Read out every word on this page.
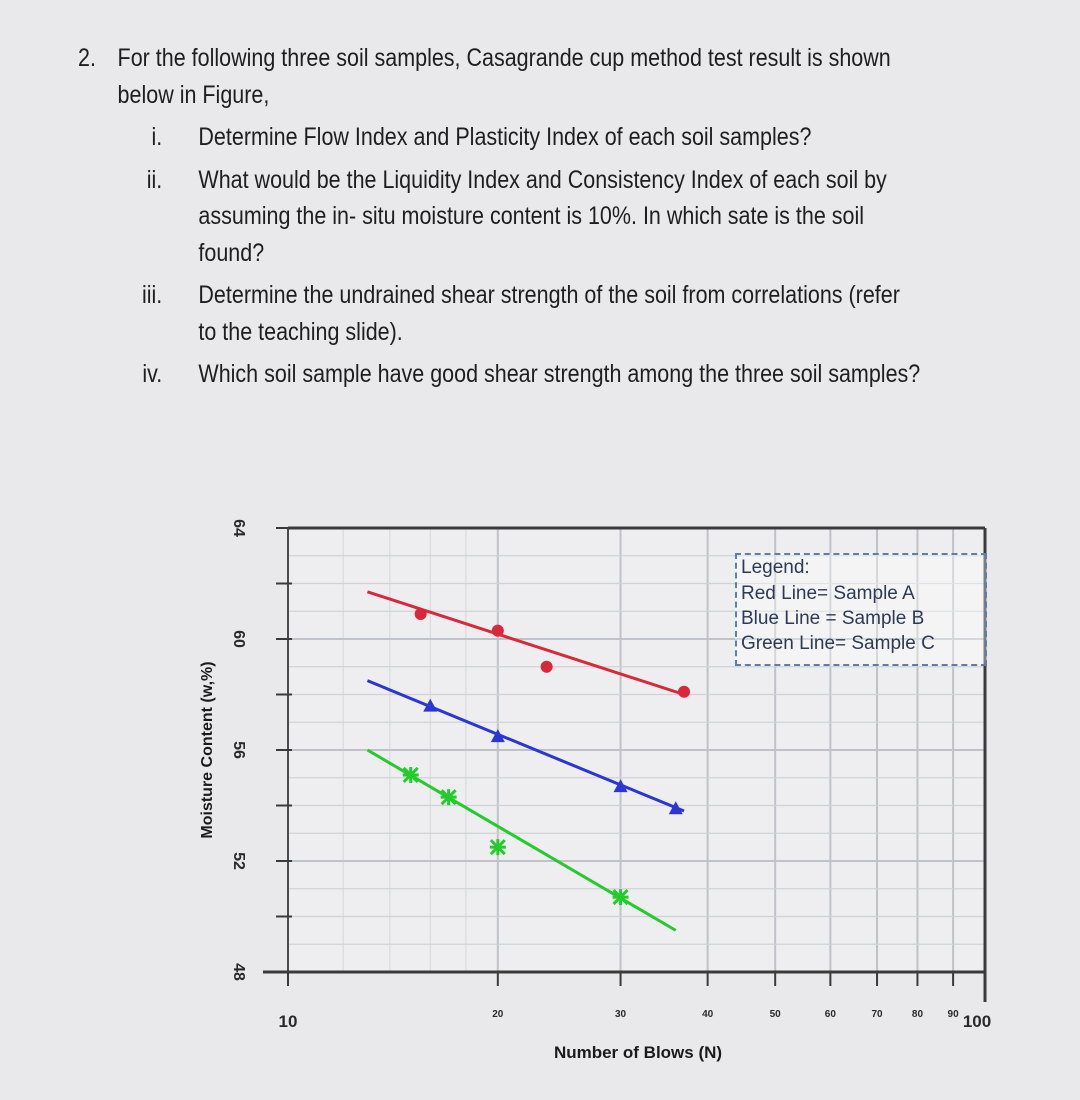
2. For the following three soil samples, Casagrande cup method test result is shown below in Figure,
i.	Determine Flow Index and Plasticity Index of each soil samples?
ii.	What would be the Liquidity Index and Consistency Index of each soil by assuming the in- situ moisture content is 10%. In which sate is the soil found?
iii.	Determine the undrained shear strength of the soil from correlations (refer to the teaching slide).
iv.	Which soil sample have good shear strength among the three soil samples?
48
52
56
60
64
10	20	30	40	50	60	70	80 90 100
Number of Blows (N)
Moisture Content (w,%)
Legend:
Red Line= Sample A
Blue Line = Sample B
Green Line= Sample C
